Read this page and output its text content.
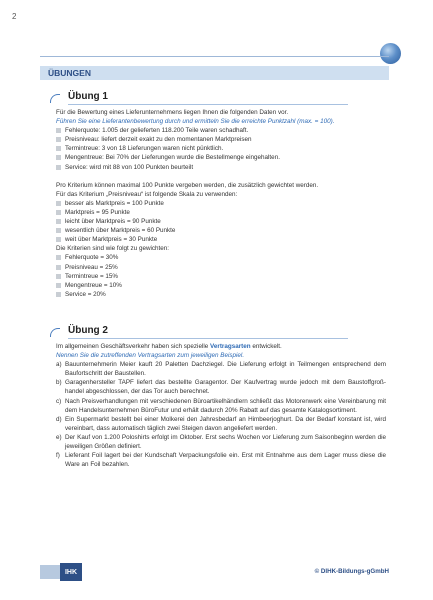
2
ÜBUNGEN
Übung 1
Für die Bewertung eines Lieferunternehmens liegen Ihnen die folgenden Daten vor.
Führen Sie eine Lieferantenbewertung durch und ermitteln Sie die erreichte Punktzahl (max. = 100).
Fehlerquote: 1.005 der gelieferten 118.200 Teile waren schadhaft.
Preisniveau: liefert derzeit exakt zu den momentanen Marktpreisen
Termintreue: 3 von 18 Lieferungen waren nicht pünktlich.
Mengentreue: Bei 70% der Lieferungen wurde die Bestellmenge eingehalten.
Service: wird mit 88 von 100 Punkten beurteilt
Pro Kriterium können maximal 100 Punkte vergeben werden, die zusätzlich gewichtet werden.
Für das Kriterium „Preisniveau“ ist folgende Skala zu verwenden:
besser als Marktpreis = 100 Punkte
Marktpreis = 95 Punkte
leicht über Marktpreis = 90 Punkte
wesentlich über Marktpreis = 60 Punkte
weit über Marktpreis = 30 Punkte
Die Kriterien sind wie folgt zu gewichten:
Fehlerquote = 30%
Preisniveau = 25%
Termintreue = 15%
Mengentreue = 10%
Service = 20%
Übung 2
Im allgemeinen Geschäftsverkehr haben sich spezielle Vertragsarten entwickelt.
Nennen Sie die zutreffenden Vertragsarten zum jeweiligen Beispiel.
a) Bauunternehmerin Meier kauft 20 Paletten Dachziegel. Die Lieferung erfolgt in Teilmengen entsprechend dem Baufortschritt der Baustellen.
b) Garagenhersteller TAPF liefert das bestellte Garagentor. Der Kaufvertrag wurde jedoch mit dem Baustoffgroß-handel abgeschlossen, der das Tor auch berechnet.
c) Nach Preisverhandlungen mit verschiedenen Büroartikelhändlern schließt das Motorenwerk eine Vereinbarung mit dem Handelsunternehmen BüroFutur und erhält dadurch 20% Rabatt auf das gesamte Katalogsortiment.
d) Ein Supermarkt bestellt bei einer Molkerei den Jahresbedarf an Himbeerjoghurt. Da der Bedarf konstant ist, wird vereinbart, dass automatisch täglich zwei Steigen davon angeliefert werden.
e) Der Kauf von 1.200 Poloshirts erfolgt im Oktober. Erst sechs Wochen vor Lieferung zum Saisonbeginn werden die jeweiligen Größen definiert.
f) Lieferant Foil lagert bei der Kundschaft Verpackungsfolie ein. Erst mit Entnahme aus dem Lager muss diese die Ware an Foil bezahlen.
IHK	© DIHK-Bildungs-gGmbH
